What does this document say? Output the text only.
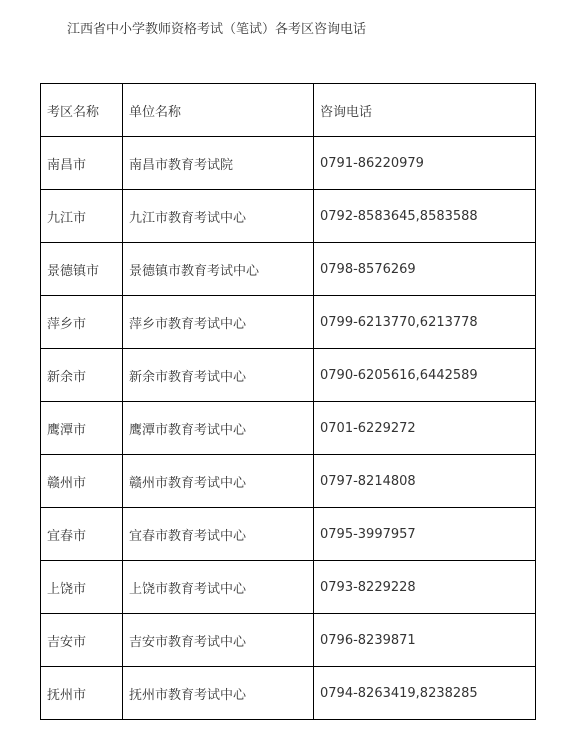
江西省中小学教师资格考试（笔试）各考区咨询电话
考区名称	单位名称	咨询电话
南昌市	南昌市教育考试院	0791-86220979
九江市	九江市教育考试中心	0792-8583645,8583588
景德镇市	景德镇市教育考试中心	0798-8576269
萍乡市	萍乡市教育考试中心	0799-6213770,6213778
新余市	新余市教育考试中心	0790-6205616,6442589
鹰潭市	鹰潭市教育考试中心	0701-6229272
赣州市	赣州市教育考试中心	0797-8214808
宜春市	宜春市教育考试中心	0795-3997957
上饶市	上饶市教育考试中心	0793-8229228
吉安市	吉安市教育考试中心	0796-8239871
抚州市	抚州市教育考试中心	0794-8263419,8238285
